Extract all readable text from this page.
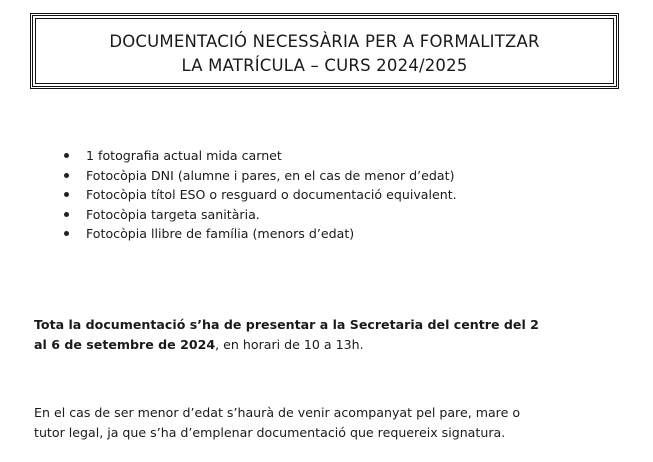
DOCUMENTACIÓ NECESSÀRIA PER A FORMALITZAR
LA MATRÍCULA – CURS 2024/2025
1 fotografia actual mida carnet
Fotocòpia DNI (alumne i pares, en el cas de menor d’edat)
Fotocòpia títol ESO o resguard o documentació equivalent.
Fotocòpia targeta sanitària.
Fotocòpia llibre de família (menors d’edat)
Tota la documentació s’ha de presentar a la Secretaria del centre del 2
al 6 de setembre de 2024, en horari de 10 a 13h.
En el cas de ser menor d’edat s’haurà de venir acompanyat pel pare, mare o
tutor legal, ja que s’ha d’emplenar documentació que requereix signatura.
